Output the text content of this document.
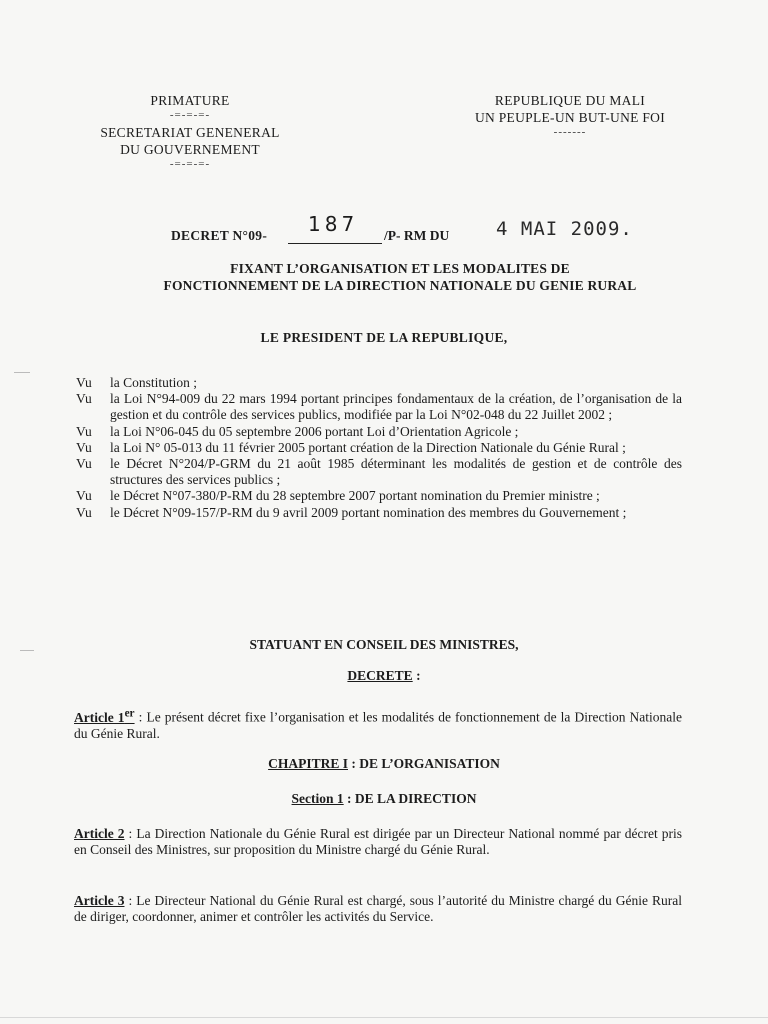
PRIMATURE
-=-=-=-
SECRETARIAT GENENERAL
DU GOUVERNEMENT
-=-=-=-
REPUBLIQUE DU MALI
UN PEUPLE-UN BUT-UNE FOI
-------
DECRET N°09- 187 /P- RM DU 4 MAI 2009.
FIXANT L’ORGANISATION ET LES MODALITES DE
FONCTIONNEMENT DE LA DIRECTION NATIONALE DU GENIE RURAL
LE PRESIDENT DE LA REPUBLIQUE,
Vu	la Constitution ;
Vu	la Loi N°94-009 du 22 mars 1994 portant principes fondamentaux de la création, de l’organisation de la gestion et du contrôle des services publics, modifiée par la Loi N°02-048 du 22 Juillet 2002 ;
Vu	la Loi N°06-045 du 05 septembre 2006 portant Loi d’Orientation Agricole ;
Vu	la Loi N° 05-013 du 11 février 2005 portant création de la Direction Nationale du Génie Rural ;
Vu	le Décret N°204/P-GRM du 21 août 1985 déterminant les modalités de gestion et de contrôle des structures des services publics ;
Vu	le Décret N°07-380/P-RM du 28 septembre 2007 portant nomination du Premier ministre ;
Vu	le Décret N°09-157/P-RM du 9 avril 2009 portant nomination des membres du Gouvernement ;
STATUANT EN CONSEIL DES MINISTRES,
DECRETE :
Article 1er : Le présent décret fixe l’organisation et les modalités de fonctionnement de la Direction Nationale du Génie Rural.
CHAPITRE I : DE L’ORGANISATION
Section 1 : DE LA DIRECTION
Article 2 : La Direction Nationale du Génie Rural est dirigée par un Directeur National nommé par décret pris en Conseil des Ministres, sur proposition du Ministre chargé du Génie Rural.
Article 3 : Le Directeur National du Génie Rural est chargé, sous l’autorité du Ministre chargé du Génie Rural de diriger, coordonner, animer et contrôler les activités du Service.
